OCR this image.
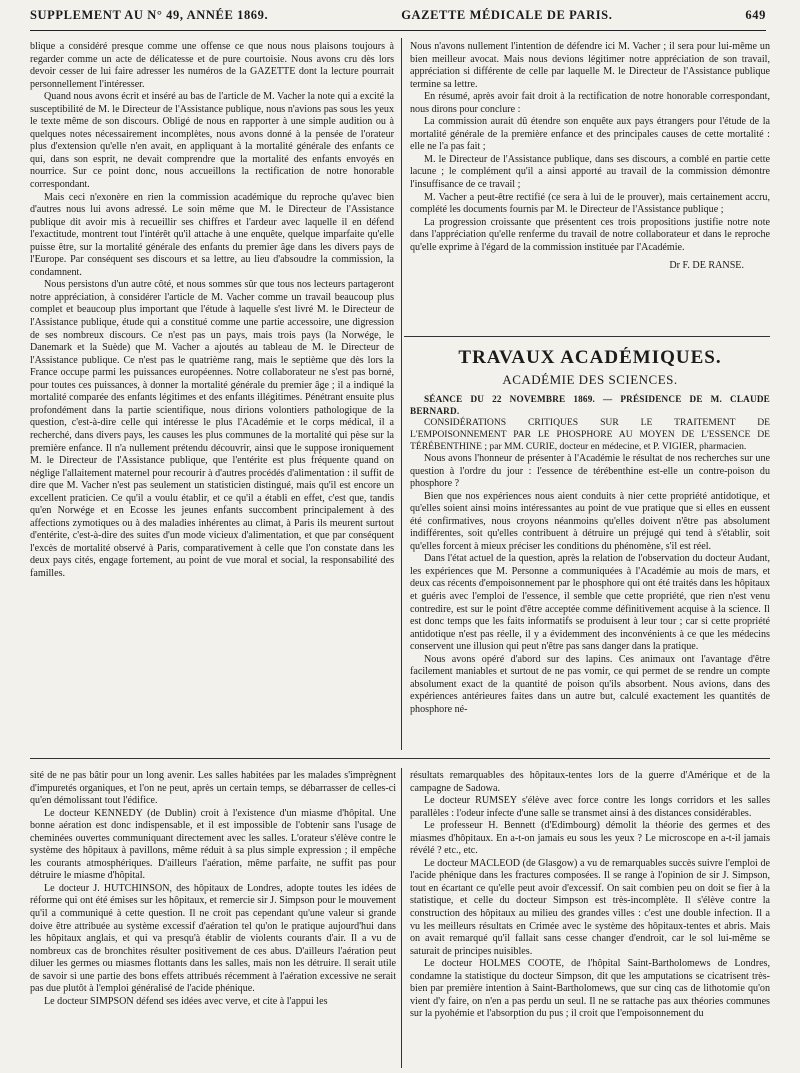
SUPPLEMENT AU N° 49, ANNÉE 1869.	GAZETTE MÉDICALE DE PARIS.	649

blique a considéré presque comme une offense ce que nous nous plaisons toujours à regarder comme un acte de délicatesse et de pure courtoisie. Nous avons cru dès lors devoir cesser de lui faire adresser les numéros de la GAZETTE dont la lecture pourrait personnellement l'intéresser.

Quand nous avons écrit et inséré au bas de l'article de M. Vacher la note qui a excité la susceptibilité de M. le Directeur de l'Assistance publique, nous n'avions pas sous les yeux le texte même de son discours. Obligé de nous en rapporter à une simple audition ou à quelques notes nécessairement incomplètes, nous avons donné à la pensée de l'orateur plus d'extension qu'elle n'en avait, en appliquant à la mortalité générale des enfants ce qui, dans son esprit, ne devait comprendre que la mortalité des enfants envoyés en nourrice. Sur ce point donc, nous accueillons la rectification de notre honorable correspondant.

Mais ceci n'exonère en rien la commission académique du reproche qu'avec bien d'autres nous lui avons adressé. Le soin même que M. le Directeur de l'Assistance publique dit avoir mis à recueillir ses chiffres et l'ardeur avec laquelle il en défend l'exactitude, montrent tout l'intérêt qu'il attache à une enquête, quelque imparfaite qu'elle puisse être, sur la mortalité générale des enfants du premier âge dans les divers pays de l'Europe. Par conséquent ses discours et sa lettre, au lieu d'absoudre la commission, la condamnent.

Nous persistons d'un autre côté, et nous sommes sûr que tous nos lecteurs partageront notre appréciation, à considérer l'article de M. Vacher comme un travail beaucoup plus complet et beaucoup plus important que l'étude à laquelle s'est livré M. le Directeur de l'Assistance publique, étude qui a constitué comme une partie accessoire, une digression de ses nombreux discours. Ce n'est pas un pays, mais trois pays (la Norwége, le Danemark et la Suède) que M. Vacher a ajoutés au tableau de M. le Directeur de l'Assistance publique. Ce n'est pas le quatrième rang, mais le septième que dès lors la France occupe parmi les puissances européennes. Notre collaborateur ne s'est pas borné, pour toutes ces puissances, à donner la mortalité générale du premier âge ; il a indiqué la mortalité comparée des enfants légitimes et des enfants illégitimes. Pénétrant ensuite plus profondément dans la partie scientifique, nous dirions volontiers pathologique de la question, c'est-à-dire celle qui intéresse le plus l'Académie et le corps médical, il a recherché, dans divers pays, les causes les plus communes de la mortalité qui pèse sur la première enfance. Il n'a nullement prétendu découvrir, ainsi que le suppose ironiquement M. le Directeur de l'Assistance publique, que l'entérite est plus fréquente quand on néglige l'allaitement maternel pour recourir à d'autres procédés d'alimentation : il suffit de dire que M. Vacher n'est pas seulement un statisticien distingué, mais qu'il est encore un excellent praticien. Ce qu'il a voulu établir, et ce qu'il a établi en effet, c'est que, tandis qu'en Norwége et en Ecosse les jeunes enfants succombent principalement à des affections zymotiques ou à des maladies inhérentes au climat, à Paris ils meurent surtout d'entérite, c'est-à-dire des suites d'un mode vicieux d'alimentation, et que par conséquent l'excès de mortalité observé à Paris, comparativement à celle que l'on constate dans les deux pays cités, engage fortement, au point de vue moral et social, la responsabilité des familles.

Nous n'avons nullement l'intention de défendre ici M. Vacher ; il sera pour lui-même un bien meilleur avocat. Mais nous devions légitimer notre appréciation de son travail, appréciation si différente de celle par laquelle M. le Directeur de l'Assistance publique termine sa lettre.

En résumé, après avoir fait droit à la rectification de notre honorable correspondant, nous dirons pour conclure :

La commission aurait dû étendre son enquête aux pays étrangers pour l'étude de la mortalité générale de la première enfance et des principales causes de cette mortalité : elle ne l'a pas fait ;

M. le Directeur de l'Assistance publique, dans ses discours, a comblé en partie cette lacune ; le complément qu'il a ainsi apporté au travail de la commission démontre l'insuffisance de ce travail ;

M. Vacher a peut-être rectifié (ce sera à lui de le prouver), mais certainement accru, complété les documents fournis par M. le Directeur de l'Assistance publique ;

La progression croissante que présentent ces trois propositions justifie notre note dans l'appréciation qu'elle renferme du travail de notre collaborateur et dans le reproche qu'elle exprime à l'égard de la commission instituée par l'Académie.

Dr F. DE RANSE.
TRAVAUX ACADÉMIQUES.
ACADÉMIE DES SCIENCES.

SÉANCE DU 22 NOVEMBRE 1869. — PRÉSIDENCE DE M. CLAUDE BERNARD.

CONSIDÉRATIONS CRITIQUES SUR LE TRAITEMENT DE L'EMPOISONNEMENT PAR LE PHOSPHORE AU MOYEN DE L'ESSENCE DE TÉRÉBENTHINE ; par MM. CURIE, docteur en médecine, et P. VIGIER, pharmacien.

Nous avons l'honneur de présenter à l'Académie le résultat de nos recherches sur une question à l'ordre du jour : l'essence de térébenthine est-elle un contre-poison du phosphore ?

Bien que nos expériences nous aient conduits à nier cette propriété antidotique, et qu'elles soient ainsi moins intéressantes au point de vue pratique que si elles en eussent été confirmatives, nous croyons néanmoins qu'elles doivent n'être pas absolument indifférentes, soit qu'elles contribuent à détruire un préjugé qui tend à s'établir, soit qu'elles forcent à mieux préciser les conditions du phénomène, s'il est réel.

Dans l'état actuel de la question, après la relation de l'observation du docteur Audant, les expériences que M. Personne a communiquées à l'Académie au mois de mars, et deux cas récents d'empoisonnement par le phosphore qui ont été traités dans les hôpitaux et guéris avec l'emploi de l'essence, il semble que cette propriété, que rien n'est venu contredire, est sur le point d'être acceptée comme définitivement acquise à la science. Il est donc temps que les faits informatifs se produisent à leur tour ; car si cette propriété antidotique n'est pas réelle, il y a évidemment des inconvénients à ce que les médecins conservent une illusion qui peut n'être pas sans danger dans la pratique.

Nous avons opéré d'abord sur des lapins. Ces animaux ont l'avantage d'être facilement maniables et surtout de ne pas vomir, ce qui permet de se rendre un compte absolument exact de la quantité de poison qu'ils absorbent. Nous avions, dans des expériences antérieures faites dans un autre but, calculé exactement les quantités de phosphore né-

sité de ne pas bâtir pour un long avenir. Les salles habitées par les malades s'imprègnent d'impuretés organiques, et l'on ne peut, après un certain temps, se débarrasser de celles-ci qu'en démolissant tout l'édifice.

Le docteur KENNEDY (de Dublin) croit à l'existence d'un miasme d'hôpital. Une bonne aération est donc indispensable, et il est impossible de l'obtenir sans l'usage de cheminées ouvertes communiquant directement avec les salles. L'orateur s'élève contre le système des hôpitaux à pavillons, même réduit à sa plus simple expression ; il empêche les courants atmosphériques. D'ailleurs l'aération, même parfaite, ne suffit pas pour détruire le miasme d'hôpital.

Le docteur J. HUTCHINSON, des hôpitaux de Londres, adopte toutes les idées de réforme qui ont été émises sur les hôpitaux, et remercie sir J. Simpson pour le mouvement qu'il a communiqué à cette question. Il ne croit pas cependant qu'une valeur si grande doive être attribuée au système excessif d'aération tel qu'on le pratique aujourd'hui dans les hôpitaux anglais, et qui va presqu'à établir de violents courants d'air. Il a vu de nombreux cas de bronchites résulter positivement de ces abus. D'ailleurs l'aération peut diluer les germes ou miasmes flottants dans les salles, mais non les détruire. Il serait utile de savoir si une partie des bons effets attribués récemment à l'aération excessive ne serait pas due plutôt à l'emploi généralisé de l'acide phénique.

Le docteur SIMPSON défend ses idées avec verve, et cite à l'appui les

résultats remarquables des hôpitaux-tentes lors de la guerre d'Amérique et de la campagne de Sadowa.

Le docteur RUMSEY s'élève avec force contre les longs corridors et les salles parallèles : l'odeur infecte d'une salle se transmet ainsi à des distances considérables.

Le professeur H. Bennett (d'Edimbourg) démolit la théorie des germes et des miasmes d'hôpitaux. En a-t-on jamais eu sous les yeux ? Le microscope en a-t-il jamais révélé ? etc., etc.

Le docteur MACLEOD (de Glasgow) a vu de remarquables succès suivre l'emploi de l'acide phénique dans les fractures composées. Il se range à l'opinion de sir J. Simpson, tout en écartant ce qu'elle peut avoir d'excessif. On sait combien peu on doit se fier à la statistique, et celle du docteur Simpson est très-incomplète. Il s'élève contre la construction des hôpitaux au milieu des grandes villes : c'est une double infection. Il a vu les meilleurs résultats en Crimée avec le système des hôpitaux-tentes et abris. Mais on avait remarqué qu'il fallait sans cesse changer d'endroit, car le sol lui-même se saturait de principes nuisibles.

Le docteur HOLMES COOTE, de l'hôpital Saint-Bartholomews de Londres, condamne la statistique du docteur Simpson, dit que les amputations se cicatrisent très-bien par première intention à Saint-Bartholomews, que sur cinq cas de lithotomie qu'on vient d'y faire, on n'en a pas perdu un seul. Il ne se rattache pas aux théories communes sur la pyohémie et l'absorption du pus ; il croit que l'empoisonnement du
